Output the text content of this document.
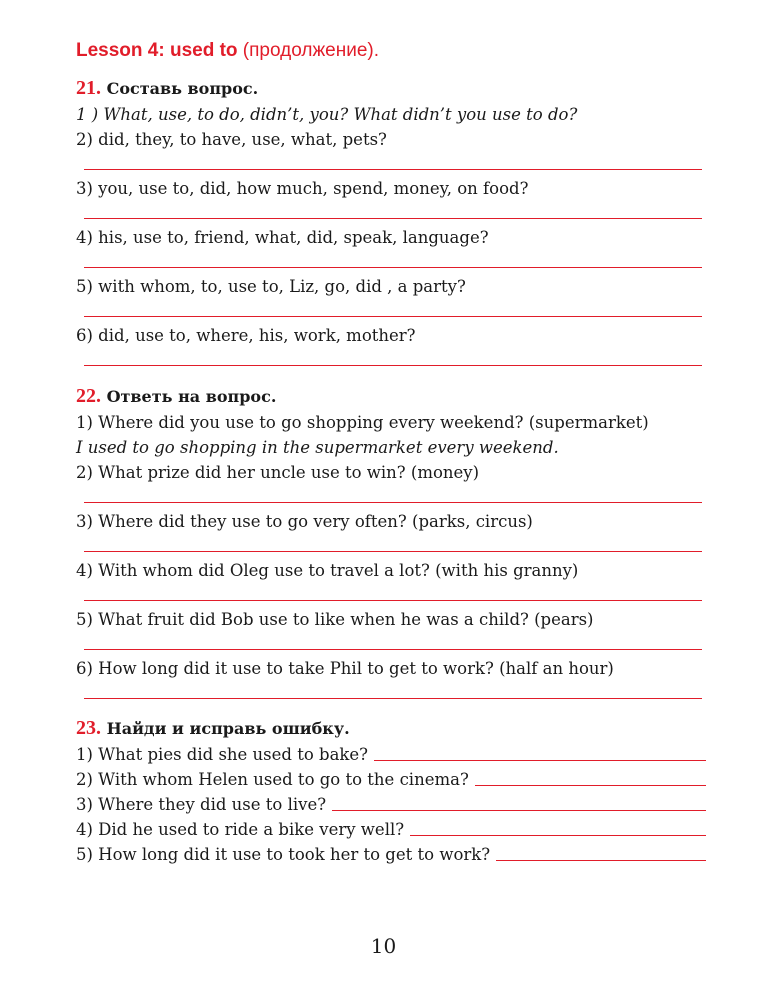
Lesson 4: used to (продолжение).
21. Составь вопрос.
1 ) What, use, to do, didn’t, you? What didn’t you use to do?
2) did, they, to have, use, what, pets?
3) you, use to, did, how much, spend, money, on food?
4) his, use to, friend, what, did, speak, language?
5) with whom, to, use to, Liz, go, did , a party?
6) did, use to, where, his, work, mother?
22. Ответь на вопрос.
1) Where did you use to go shopping every weekend? (supermarket)
I used to go shopping in the supermarket every weekend.
2) What prize did her uncle use to win? (money)
3) Where did they use to go very often? (parks, circus)
4) With whom did Oleg use to travel a lot? (with his granny)
5) What fruit did Bob use to like when he was a child? (pears)
6) How long did it use to take Phil to get to work? (half an hour)
23. Найди и исправь ошибку.
1) What pies did she used to bake?
2) With whom Helen used to go to the cinema?
3) Where they did use to live?
4) Did he used to ride a bike very well?
5) How long did it use to took her to get to work?
10
